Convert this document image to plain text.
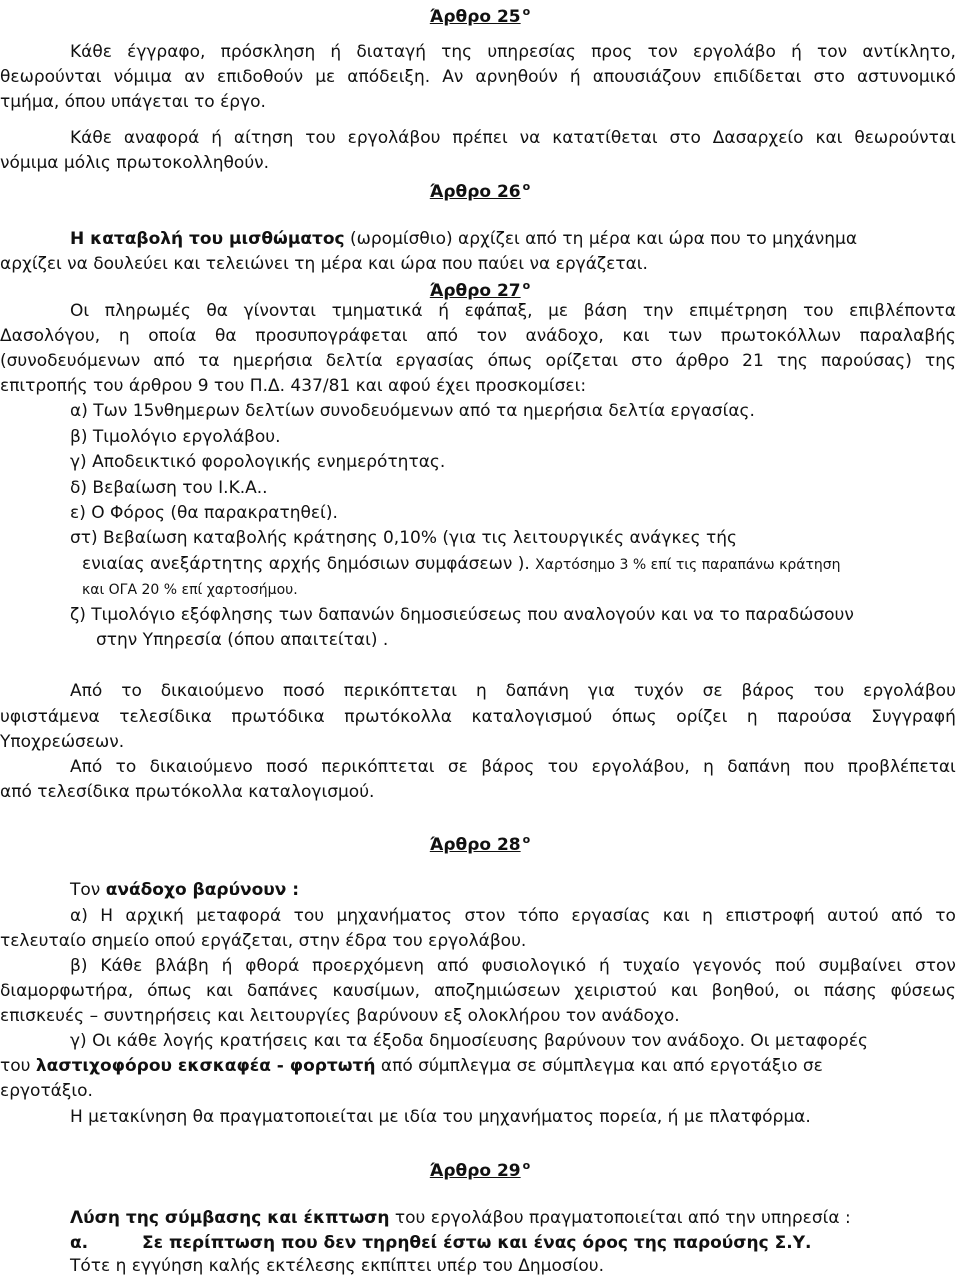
Άρθρο 25 $^o$
Κάθε έγγραφο, πρόσκληση ή διαταγή της υπηρεσίας προς τον εργολάβο ή τον αντίκλητο,
θεωρούνται νόμιμα αν επιδοθούν με απόδειξη. Αν αρνηθούν ή απουσιάζουν επιδίδεται στο αστυνομικό
τμήμα, όπου υπάγεται το έργο.
Κάθε αναφορά ή αίτηση του εργολάβου πρέπει να κατατίθεται στο Δασαρχείο και θεωρούνται
νόμιμα μόλις πρωτοκολληθούν.
Άρθρο 26 $^o$
Η καταβολή του μισθώματος (ωρομίσθιο) αρχίζει από τη μέρα και ώρα που το μηχάνημα
αρχίζει να δουλεύει και τελειώνει τη μέρα και ώρα που παύει να εργάζεται.
Άρθρο 27 $^o$
Οι πληρωμές θα γίνονται τμηματικά ή εφάπαξ, με βάση την επιμέτρηση του επιβλέποντα
Δασολόγου, η οποία θα προσυπογράφεται από τον ανάδοχο, και των πρωτοκόλλων παραλαβής
(συνοδευόμενων από τα ημερήσια δελτία εργασίας όπως ορίζεται στο άρθρο 21 της παρούσας) της
επιτροπής του άρθρου 9 του Π.Δ. 437/81 και αφού έχει προσκομίσει:
α) Των 15νθημερων δελτίων συνοδευόμενων από τα ημερήσια δελτία εργασίας.
β) Τιμολόγιο εργολάβου.
γ) Αποδεικτικό φορολογικής ενημερότητας.
δ) Βεβαίωση του Ι.Κ.Α..
ε) Ο Φόρος (θα παρακρατηθεί).
στ) Βεβαίωση καταβολής κράτησης 0,10% (για τις λειτουργικές ανάγκες τής
ενιαίας ανεξάρτητης αρχής δημόσιων συμφάσεων ). Χαρτόσημο 3 % επί τις παραπάνω κράτηση
και ΟΓΑ 20 % επί χαρτοσήμου.
ζ) Τιμολόγιο εξόφλησης των δαπανών δημοσιεύσεως που αναλογούν και να το παραδώσουν
στην Υπηρεσία (όπου απαιτείται) .
Από το δικαιούμενο ποσό περικόπτεται η δαπάνη για τυχόν σε βάρος του εργολάβου
υφιστάμενα τελεσίδικα πρωτόδικα πρωτόκολλα καταλογισμού όπως ορίζει η παρούσα Συγγραφή
Υποχρεώσεων.
Από το δικαιούμενο ποσό περικόπτεται σε βάρος του εργολάβου, η δαπάνη που προβλέπεται
από τελεσίδικα πρωτόκολλα καταλογισμού.
Άρθρο 28 $^o$
Τον ανάδοχο βαρύνουν :
α) Η αρχική μεταφορά του μηχανήματος στον τόπο εργασίας και η επιστροφή αυτού από το
τελευταίο σημείο οπού εργάζεται, στην έδρα του εργολάβου.
β) Κάθε βλάβη ή φθορά προερχόμενη από φυσιολογικό ή τυχαίο γεγονός πού συμβαίνει στον
διαμορφωτήρα, όπως και δαπάνες καυσίμων, αποζημιώσεων χειριστού και βοηθού, οι πάσης φύσεως
επισκευές – συντηρήσεις και λειτουργίες βαρύνουν εξ ολοκλήρου τον ανάδοχο.
γ) Οι κάθε λογής κρατήσεις και τα έξοδα δημοσίευσης βαρύνουν τον ανάδοχο. Οι μεταφορές
του λαστιχοφόρου εκσκαφέα - φορτωτή από σύμπλεγμα σε σύμπλεγμα και από εργοτάξιο σε
εργοτάξιο.
Η μετακίνηση θα πραγματοποιείται με ιδία του μηχανήματος πορεία, ή με πλατφόρμα.
Άρθρο 29 $^o$
Λύση της σύμβασης και έκπτωση του εργολάβου πραγματοποιείται από την υπηρεσία :
α.	Σε περίπτωση που δεν τηρηθεί έστω και ένας όρος της παρούσης Σ.Υ.
Τότε η εγγύηση καλής εκτέλεσης εκπίπτει υπέρ του Δημοσίου.
